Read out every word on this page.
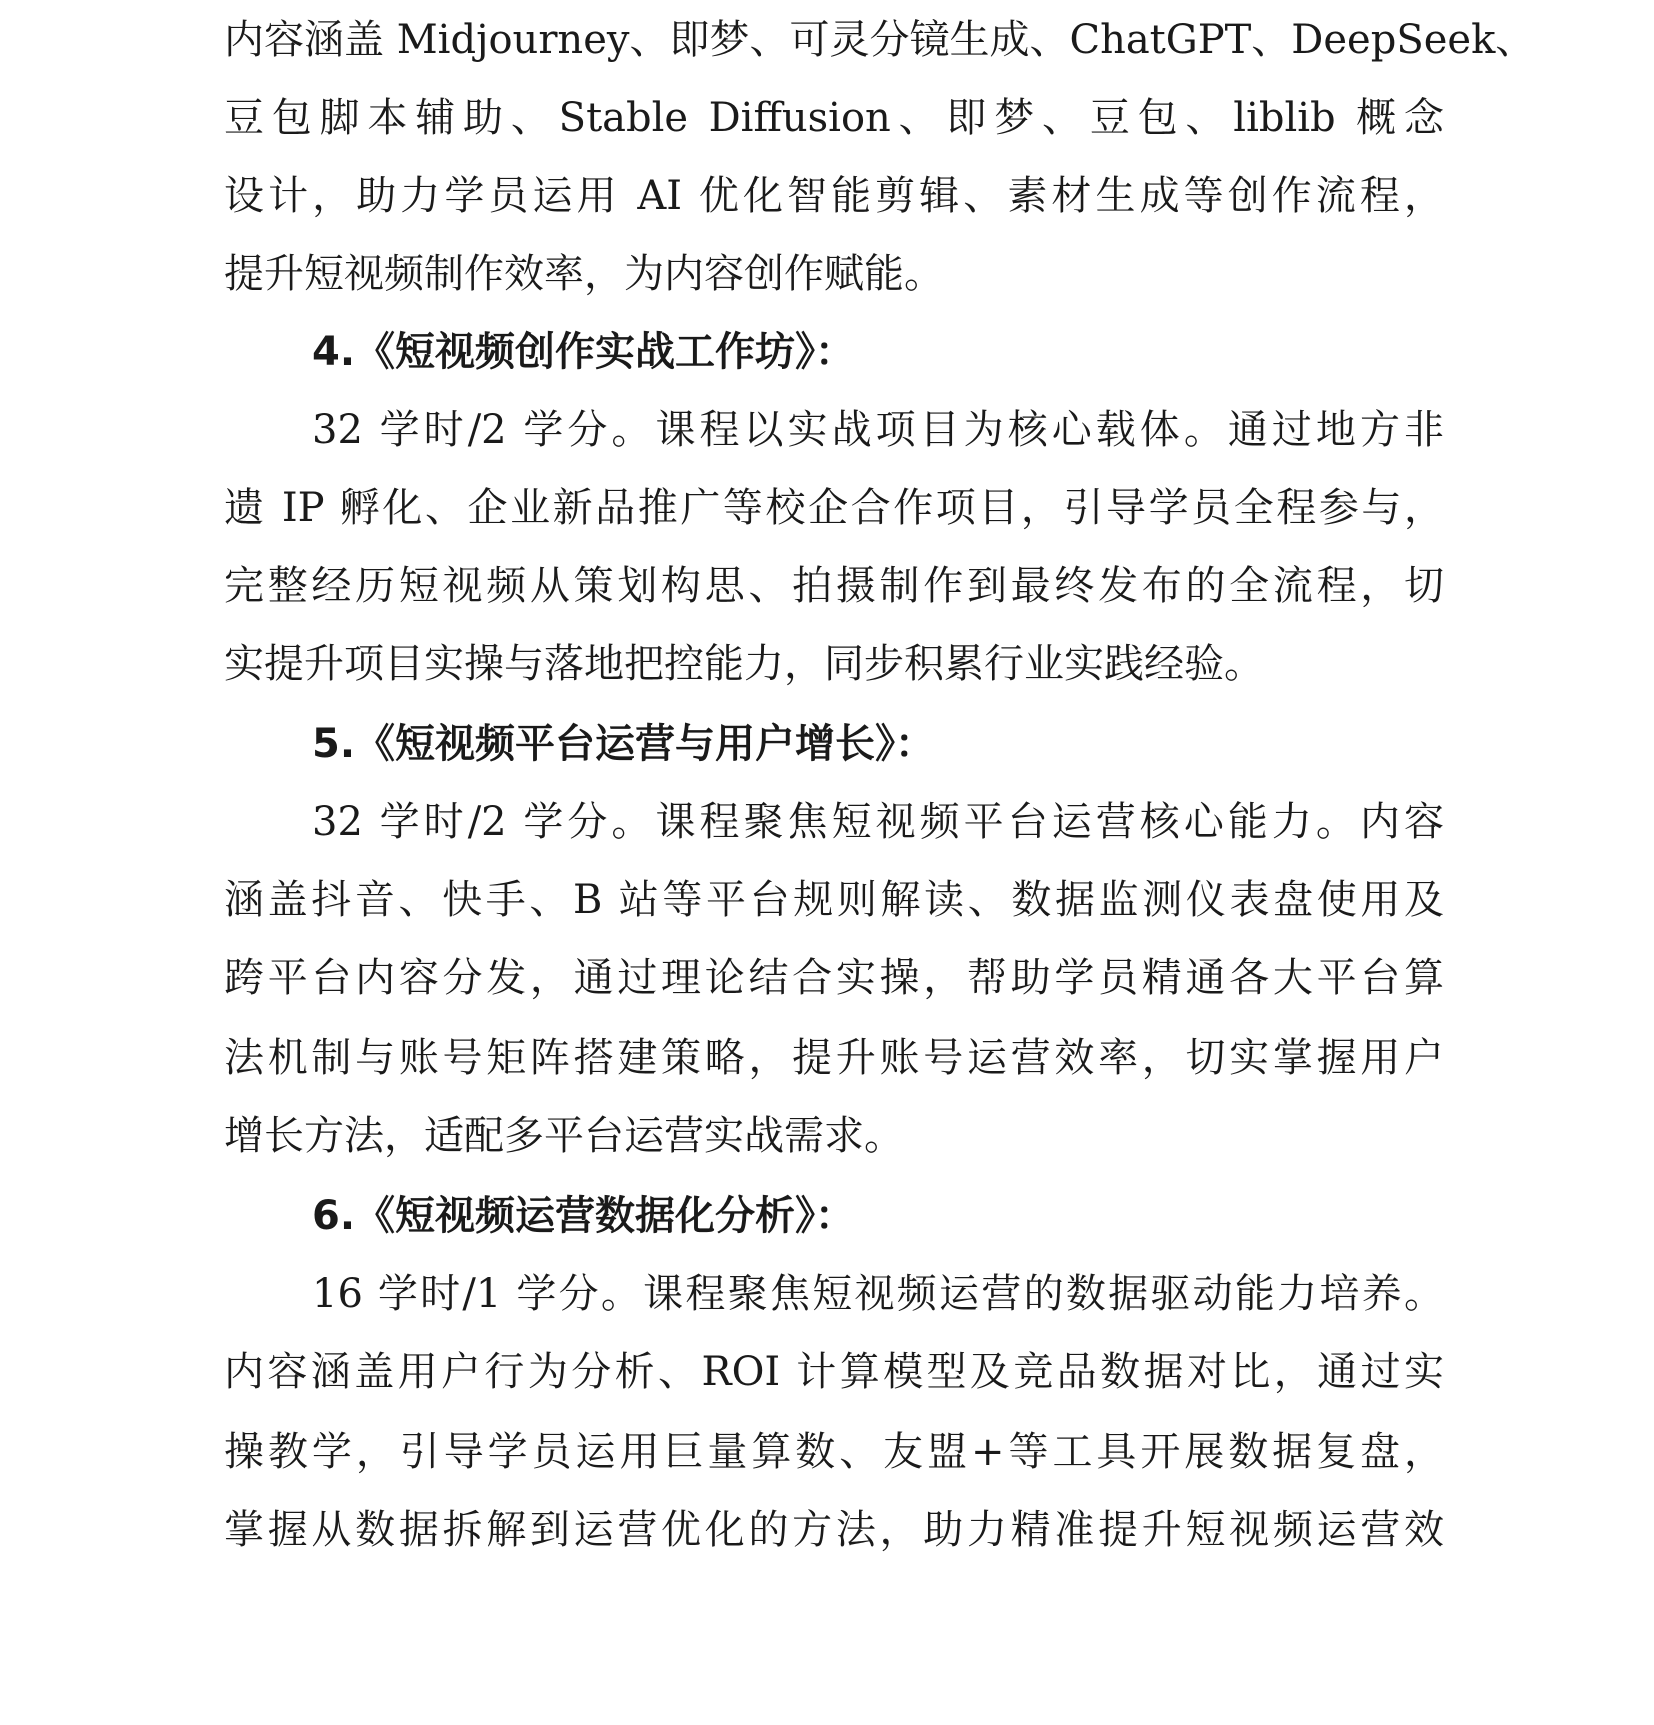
内容涵盖 Midjourney、即梦、可灵分镜生成、ChatGPT、DeepSeek、
豆包脚本辅助、Stable Diffusion、即梦、豆包、liblib 概念
设计，助力学员运用 AI 优化智能剪辑、素材生成等创作流程，
提升短视频制作效率，为内容创作赋能。
4.《短视频创作实战工作坊》：
32 学时/2 学分。课程以实战项目为核心载体。通过地方非
遗 IP 孵化、企业新品推广等校企合作项目，引导学员全程参与，
完整经历短视频从策划构思、拍摄制作到最终发布的全流程，切
实提升项目实操与落地把控能力，同步积累行业实践经验。
5.《短视频平台运营与用户增长》：
32 学时/2 学分。课程聚焦短视频平台运营核心能力。内容
涵盖抖音、快手、B 站等平台规则解读、数据监测仪表盘使用及
跨平台内容分发，通过理论结合实操，帮助学员精通各大平台算
法机制与账号矩阵搭建策略，提升账号运营效率，切实掌握用户
增长方法，适配多平台运营实战需求。
6.《短视频运营数据化分析》：
16 学时/1 学分。课程聚焦短视频运营的数据驱动能力培养。
内容涵盖用户行为分析、ROI 计算模型及竞品数据对比，通过实
操教学，引导学员运用巨量算数、友盟+等工具开展数据复盘，
掌握从数据拆解到运营优化的方法，助力精准提升短视频运营效
